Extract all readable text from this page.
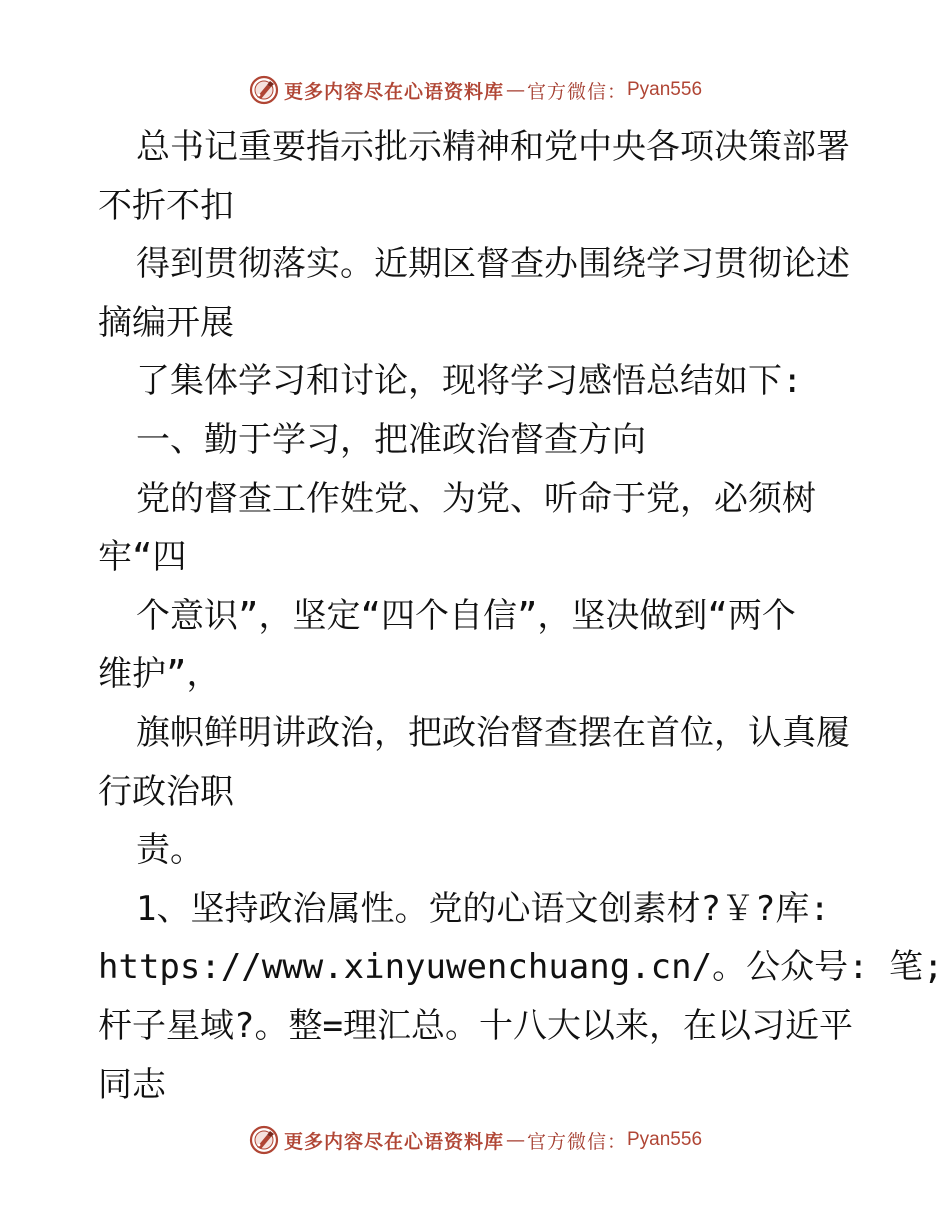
更多内容尽在心语资料库 — 官方微信： Pyan556
总书记重要指示批示精神和党中央各项决策部署
不折不扣
得到贯彻落实。近期区督查办围绕学习贯彻论述
摘编开展
了集体学习和讨论，现将学习感悟总结如下:
一、勤于学习，把准政治督查方向
党的督查工作姓党、为党、听命于党，必须树
牢“四
个意识”，坚定“四个自信”，坚决做到“两个
维护”，
旗帜鲜明讲政治，把政治督查摆在首位，认真履
行政治职
责。
1、坚持政治属性。党的心语文创素材?￥?库:
https://www.xinyuwenchuang.cn/。公众号: 笔;
杆子星域?。整=理汇总。十八大以来，在以习近平
同志
更多内容尽在心语资料库 — 官方微信： Pyan556
